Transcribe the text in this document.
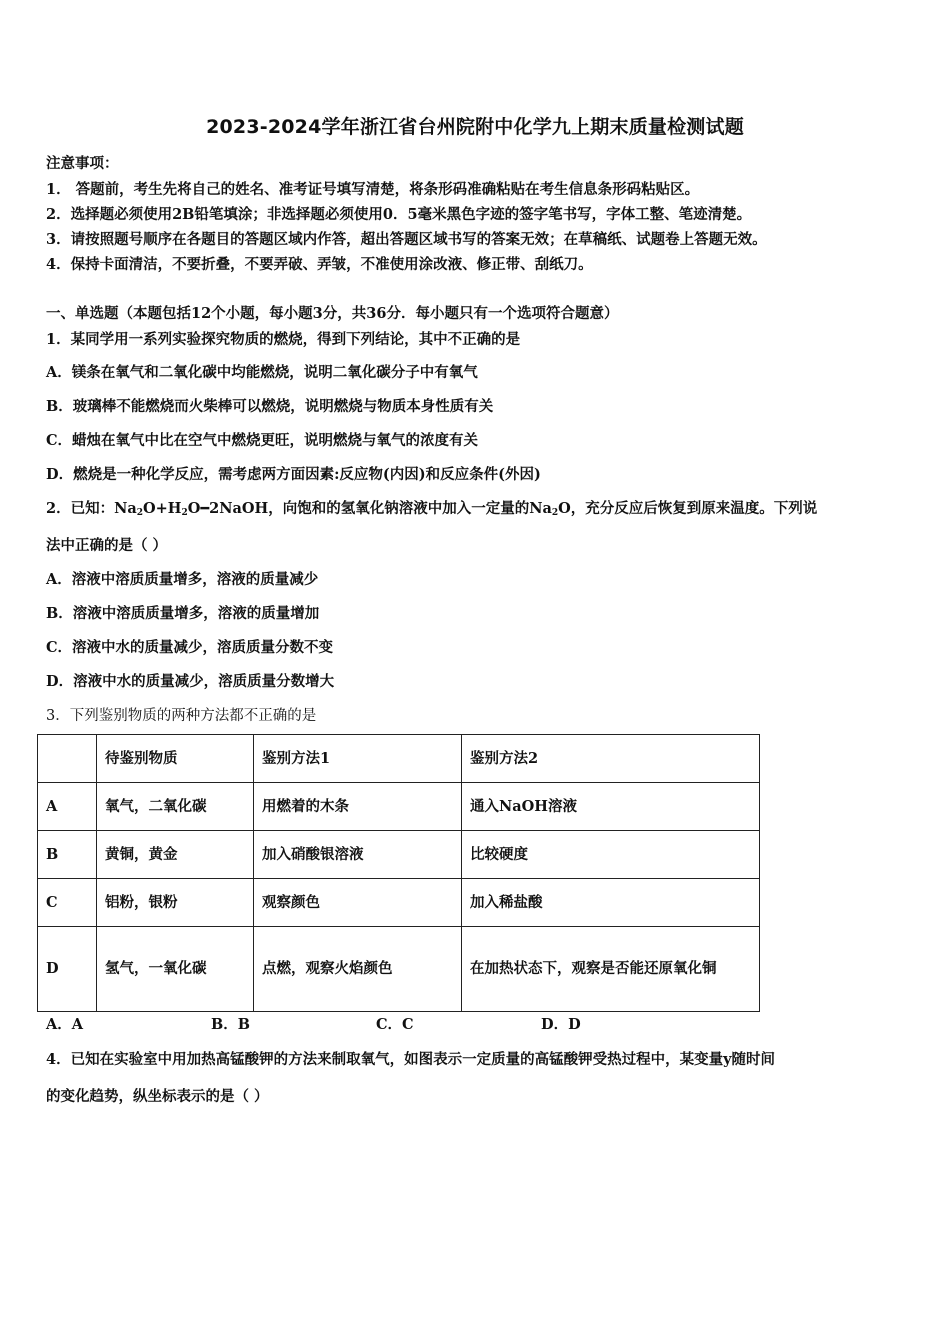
2023-2024学年浙江省台州院附中化学九上期末质量检测试题
注意事项：
1． 答题前，考生先将自己的姓名、准考证号填写清楚，将条形码准确粘贴在考生信息条形码粘贴区。
2．选择题必须使用2B铅笔填涂；非选择题必须使用0．5毫米黑色字迹的签字笔书写，字体工整、笔迹清楚。
3．请按照题号顺序在各题目的答题区域内作答，超出答题区域书写的答案无效；在草稿纸、试题卷上答题无效。
4．保持卡面清洁，不要折叠，不要弄破、弄皱，不准使用涂改液、修正带、刮纸刀。
一、单选题（本题包括12个小题，每小题3分，共36分．每小题只有一个选项符合题意）
1．某同学用一系列实验探究物质的燃烧，得到下列结论，其中不正确的是
A．镁条在氧气和二氧化碳中均能燃烧，说明二氧化碳分子中有氧气
B．玻璃棒不能燃烧而火柴棒可以燃烧，说明燃烧与物质本身性质有关
C．蜡烛在氧气中比在空气中燃烧更旺，说明燃烧与氧气的浓度有关
D．燃烧是一种化学反应，需考虑两方面因素:反应物(内因)和反应条件(外因)
2．已知：$Na_2O+H_2O━2NaOH$，向饱和的氢氧化钠溶液中加入一定量的$Na_2O$，充分反应后恢复到原来温度。下列说
法中正确的是（ ）
A．溶液中溶质质量增多，溶液的质量减少
B．溶液中溶质质量增多，溶液的质量增加
C．溶液中水的质量减少，溶质质量分数不变
D．溶液中水的质量减少，溶质质量分数增大
3．下列鉴别物质的两种方法都不正确的是
	待鉴别物质	鉴别方法1	鉴别方法2
A	氧气，二氧化碳	用燃着的木条	通入NaOH溶液
B	黄铜，黄金	加入硝酸银溶液	比较硬度
C	铝粉，银粉	观察颜色	加入稀盐酸
D	氢气，一氧化碳	点燃，观察火焰颜色	在加热状态下，观察是否能还原氧化铜
A．A	B．B	C．C	D．D
4．已知在实验室中用加热高锰酸钾的方法来制取氧气，如图表示一定质量的高锰酸钾受热过程中，某变量y随时间
的变化趋势，纵坐标表示的是（ ）
